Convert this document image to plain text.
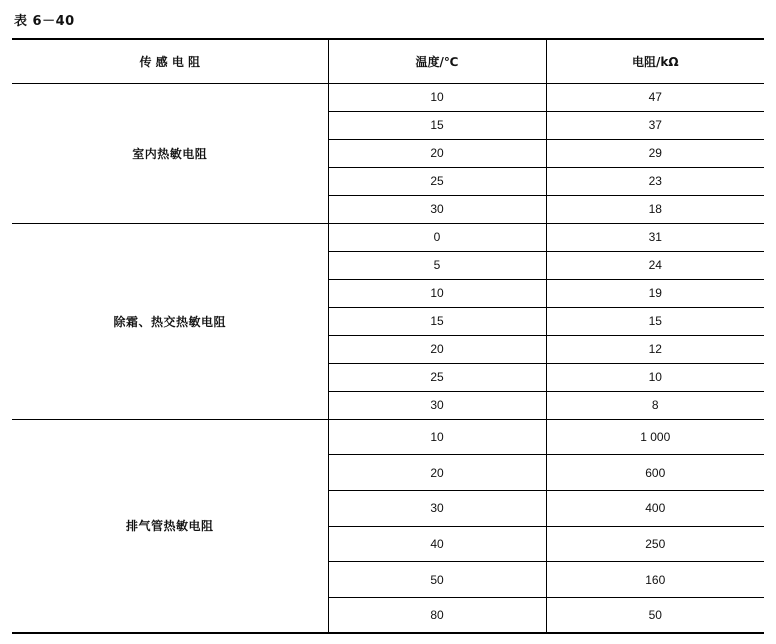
表 6－40
传 感 电 阻	温度/℃	电阻/kΩ
室内热敏电阻	10	47
	15	37
	20	29
	25	23
	30	18
除霜、热交热敏电阻	0	31
	5	24
	10	19
	15	15
	20	12
	25	10
	30	8
排气管热敏电阻	10	1 000
	20	600
	30	400
	40	250
	50	160
	80	50
